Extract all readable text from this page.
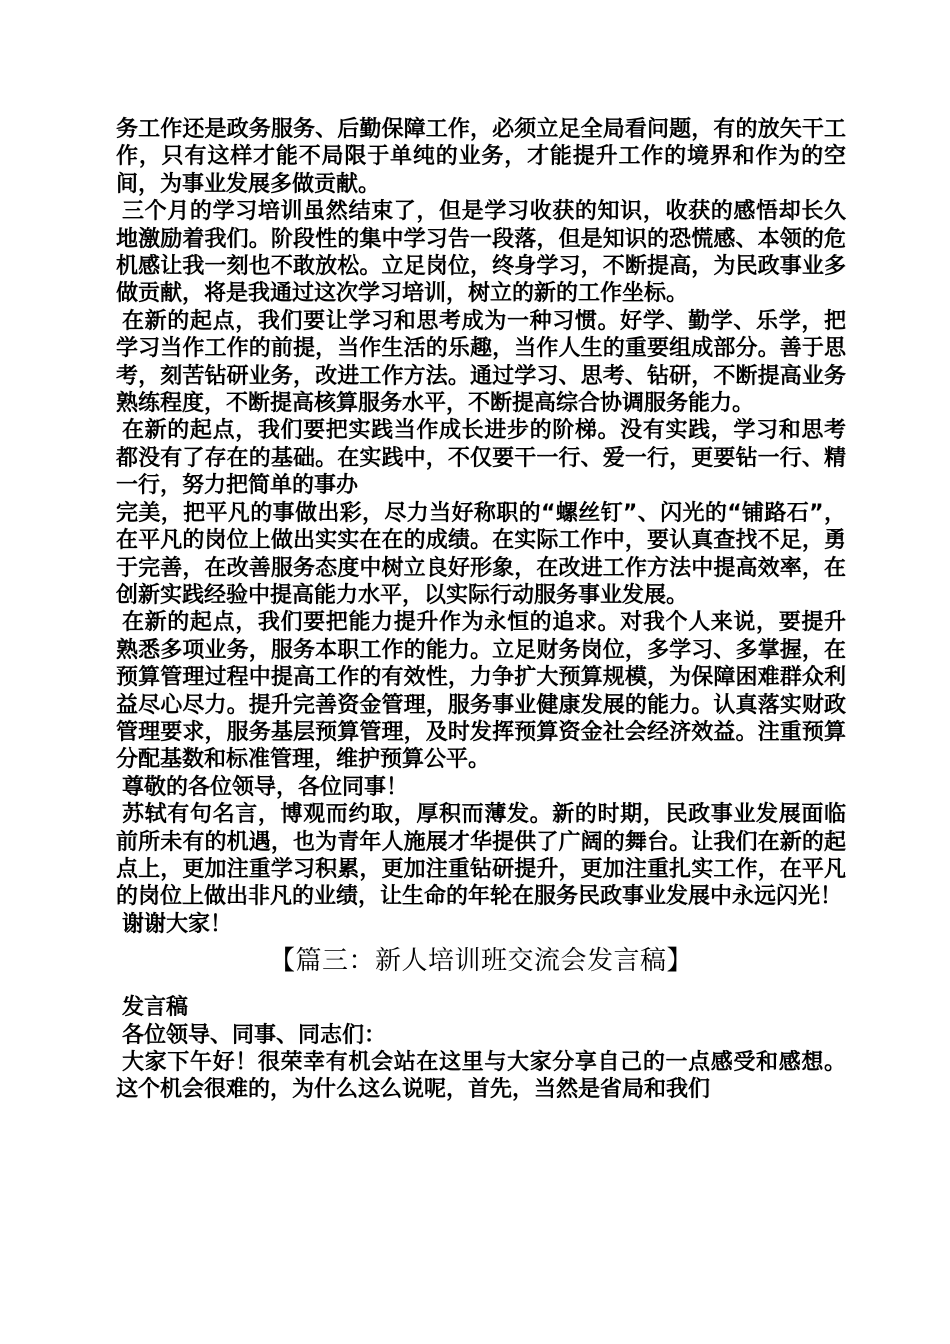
务工作还是政务服务、后勤保障工作，必须立足全局看问题，有的放矢干工作，只有这样才能不局限于单纯的业务，才能提升工作的境界和作为的空间，为事业发展多做贡献。

三个月的学习培训虽然结束了，但是学习收获的知识，收获的感悟却长久地激励着我们。阶段性的集中学习告一段落，但是知识的恐慌感、本领的危机感让我一刻也不敢放松。立足岗位，终身学习，不断提高，为民政事业多做贡献，将是我通过这次学习培训，树立的新的工作坐标。

在新的起点，我们要让学习和思考成为一种习惯。好学、勤学、乐学，把学习当作工作的前提，当作生活的乐趣，当作人生的重要组成部分。善于思考，刻苦钻研业务，改进工作方法。通过学习、思考、钻研，不断提高业务熟练程度，不断提高核算服务水平，不断提高综合协调服务能力。

在新的起点，我们要把实践当作成长进步的阶梯。没有实践，学习和思考都没有了存在的基础。在实践中，不仅要干一行、爱一行，更要钻一行、精一行，努力把简单的事办

完美，把平凡的事做出彩，尽力当好称职的“螺丝钉”、闪光的“铺路石”，在平凡的岗位上做出实实在在的成绩。在实际工作中，要认真查找不足，勇于完善，在改善服务态度中树立良好形象，在改进工作方法中提高效率，在创新实践经验中提高能力水平，以实际行动服务事业发展。

在新的起点，我们要把能力提升作为永恒的追求。对我个人来说，要提升熟悉多项业务，服务本职工作的能力。立足财务岗位，多学习、多掌握，在预算管理过程中提高工作的有效性，力争扩大预算规模，为保障困难群众利益尽心尽力。提升完善资金管理，服务事业健康发展的能力。认真落实财政管理要求，服务基层预算管理，及时发挥预算资金社会经济效益。注重预算分配基数和标准管理，维护预算公平。

尊敬的各位领导，各位同事！

苏轼有句名言，博观而约取，厚积而薄发。新的时期，民政事业发展面临前所未有的机遇，也为青年人施展才华提供了广阔的舞台。让我们在新的起点上，更加注重学习积累，更加注重钻研提升，更加注重扎实工作，在平凡的岗位上做出非凡的业绩，让生命的年轮在服务民政事业发展中永远闪光！

谢谢大家！

【篇三：新人培训班交流会发言稿】

发言稿

各位领导、同事、同志们：

大家下午好！很荣幸有机会站在这里与大家分享自己的一点感受和感想。这个机会很难的，为什么这么说呢，首先，当然是省局和我们
